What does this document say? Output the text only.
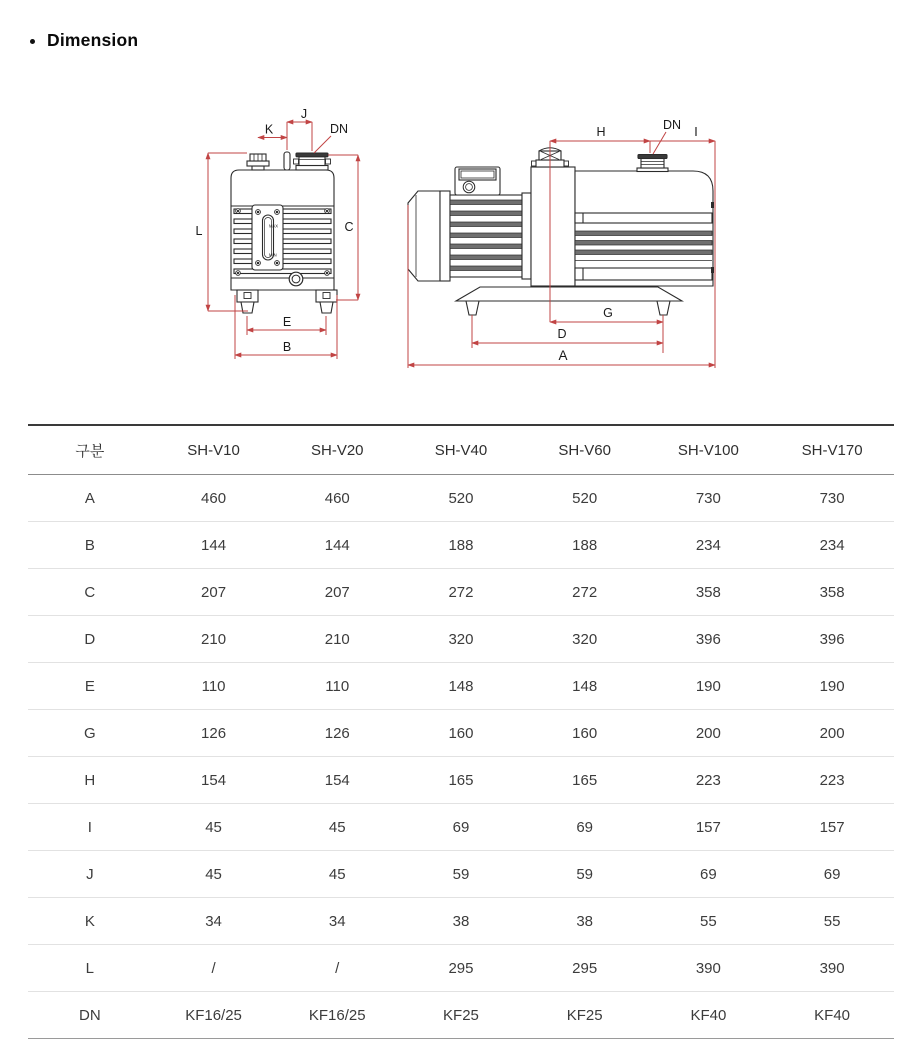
Dimension
MAX
MIN
J
K	DN
L	C
E
B
H	DN I
G
D
A
구분	SH-V10	SH-V20	SH-V40	SH-V60	SH-V100	SH-V170
A	460	460	520	520	730	730
B	144	144	188	188	234	234
C	207	207	272	272	358	358
D	210	210	320	320	396	396
E	110	110	148	148	190	190
G	126	126	160	160	200	200
H	154	154	165	165	223	223
I	45	45	69	69	157	157
J	45	45	59	59	69	69
K	34	34	38	38	55	55
L	/	/	295	295	390	390
DN	KF16/25	KF16/25	KF25	KF25	KF40	KF40
